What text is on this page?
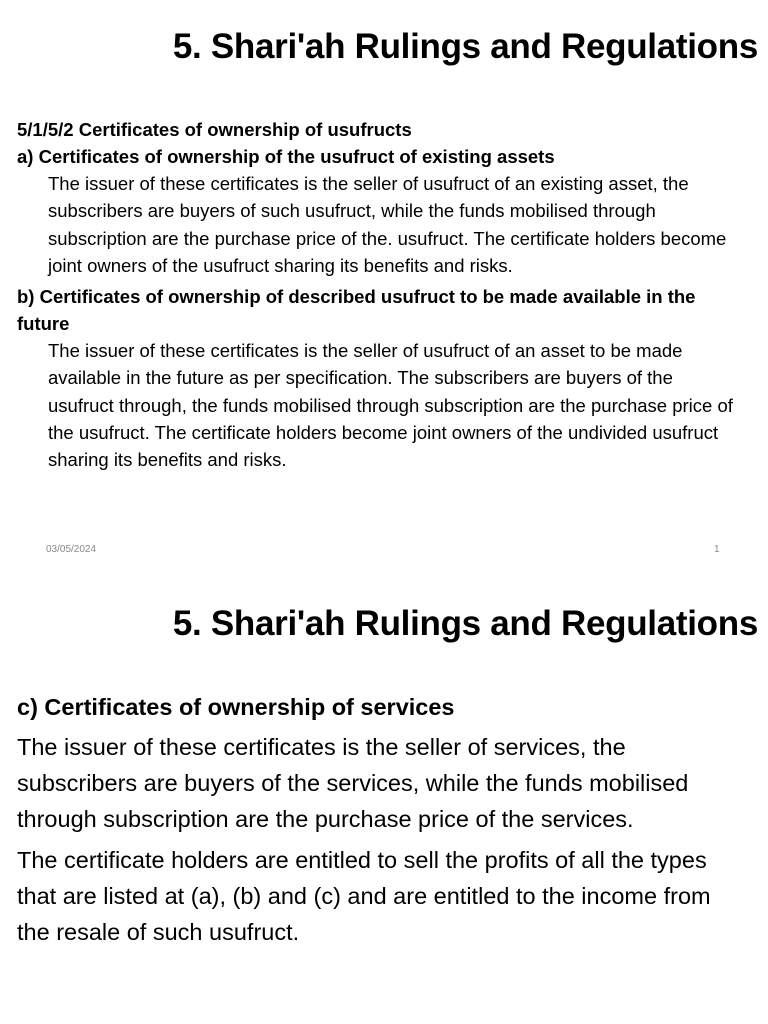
5. Shari'ah Rulings and Regulations

5/1/5/2 Certificates of ownership of usufructs

a) Certificates of ownership of the usufruct of existing assets

The issuer of these certificates is the seller of usufruct of an existing asset, the subscribers are buyers of such usufruct, while the funds mobilised through subscription are the purchase price of the. usufruct. The certificate holders become joint owners of the usufruct sharing its benefits and risks.

b) Certificates of ownership of described usufruct to be made available in the future

The issuer of these certificates is the seller of usufruct of an asset to be made available in the future as per specification. The subscribers are buyers of the usufruct through, the funds mobilised through subscription are the purchase price of the usufruct. The certificate holders become joint owners of the undivided usufruct sharing its benefits and risks.

03/05/2024	1
5. Shari'ah Rulings and Regulations

c) Certificates of ownership of services

The issuer of these certificates is the seller of services, the subscribers are buyers of the services, while the funds mobilised through subscription are the purchase price of the services.

The certificate holders are entitled to sell the profits of all the types that are listed at (a), (b) and (c) and are entitled to the income from the resale of such usufruct.
